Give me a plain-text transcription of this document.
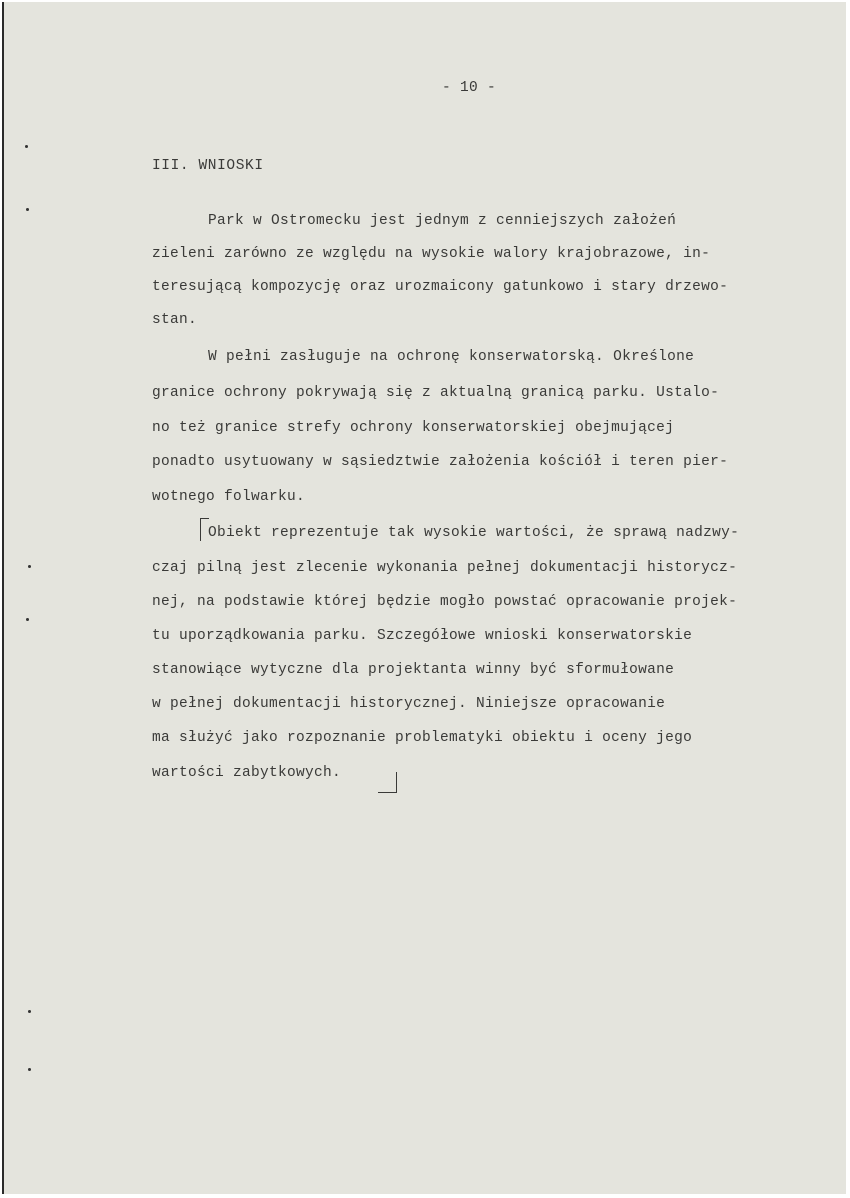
- 10 -
III. WNIOSKI
Park w Ostromecku jest jednym z cenniejszych założeń
zieleni zarówno ze względu na wysokie walory krajobrazowe, in-
teresującą kompozycję oraz urozmaicony gatunkowo i stary drzewo-
stan.
W pełni zasługuje na ochronę konserwatorską. Określone
granice ochrony pokrywają się z aktualną granicą parku. Ustalo-
no też granice strefy ochrony konserwatorskiej obejmującej
ponadto usytuowany w sąsiedztwie założenia kościół i teren pier-
wotnego folwarku.
Obiekt reprezentuje tak wysokie wartości, że sprawą nadzwy-
czaj pilną jest zlecenie wykonania pełnej dokumentacji historycz-
nej, na podstawie której będzie mogło powstać opracowanie projek-
tu uporządkowania parku. Szczegółowe wnioski konserwatorskie
stanowiące wytyczne dla projektanta winny być sformułowane
w pełnej dokumentacji historycznej. Niniejsze opracowanie
ma służyć jako rozpoznanie problematyki obiektu i oceny jego
wartości zabytkowych.
